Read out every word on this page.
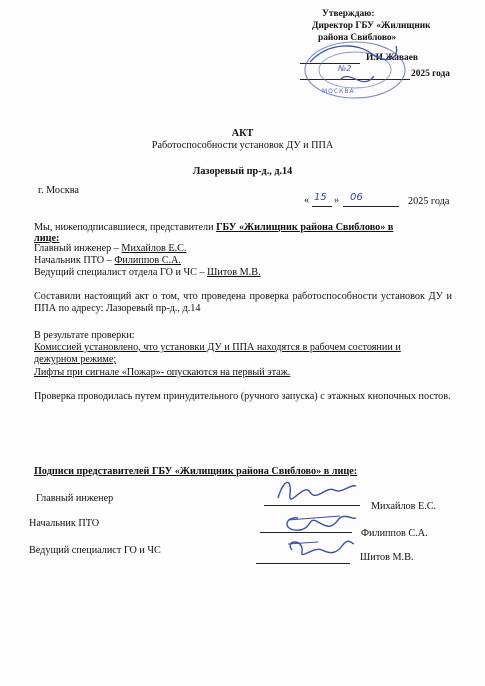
Утверждаю:
Директор ГБУ «Жилищник
района Свиблово»
И.И.Жаваев
2025 года
№2
МОСКВА
АКТ
Работоспособности установок ДУ и ППА
Лазоревый пр-д., д.14
г. Москва
« 15 » 06	2025 года
Мы, нижеподписавшиеся, представители ГБУ «Жилищник района Свиблово» в
лице:
Главный инженер – Михайлов Е.С.
Начальник ПТО – Филиппов С.А.
Ведущий специалист отдела ГО и ЧС – Шитов М.В.
Составили настоящий акт о том, что проведена проверка работоспособности установок ДУ и ППА по адресу: Лазоревый пр-д., д.14
В результате проверки:
Комиссией установлено, что установки ДУ и ППА находятся в рабочем состоянии и
дежурном режиме;
Лифты при сигнале «Пожар»- опускаются на первый этаж.
Проверка проводилась путем принудительного (ручного запуска) с этажных кнопочных постов.
Подписи представителей ГБУ «Жилищник района Свиблово» в лице:
Главный инженер
Михайлов Е.С.
Начальник ПТО
Филиппов С.А.
Ведущий специалист ГО и ЧС
Шитов М.В.
